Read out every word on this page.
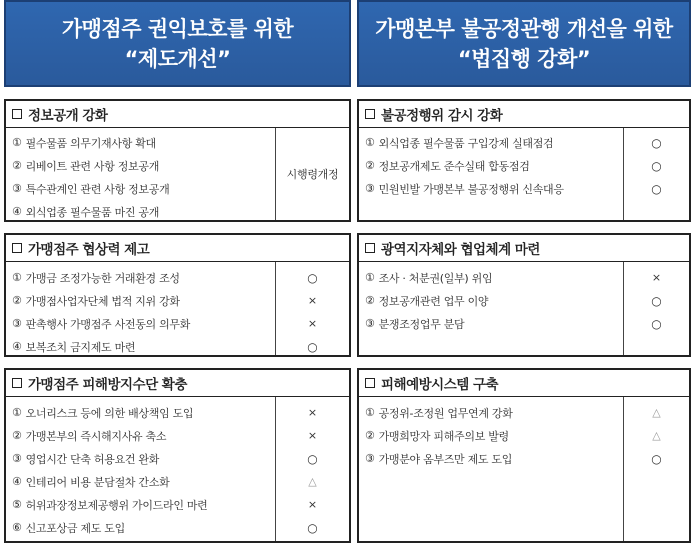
가맹점주 권익보호를 위한
“제도개선”
정보공개 강화
① 필수물품 의무기재사항 확대
② 리베이트 관련 사항 정보공개
③ 특수관계인 관련 사항 정보공개
④ 외식업종 필수물품 마진 공개
시행령개정
가맹점주 협상력 제고
① 가맹금 조정가능한 거래환경 조성
② 가맹점사업자단체 법적 지위 강화
③ 판촉행사 가맹점주 사전동의 의무화
④ 보복조치 금지제도 마련
○
×
×
○
가맹점주 피해방지수단 확충
① 오너리스크 등에 의한 배상책임 도입
② 가맹본부의 즉시해지사유 축소
③ 영업시간 단축 허용요건 완화
④ 인테리어 비용 분담절차 간소화
⑤ 허위과장정보제공행위 가이드라인 마련
⑥ 신고포상금 제도 도입
×
×
○
△
×
○
가맹본부 불공정관행 개선을 위한
“법집행 강화”
불공정행위 감시 강화
① 외식업종 필수물품 구입강제 실태점검
② 정보공개제도 준수실태 합동점검
③ 민원빈발 가맹본부 불공정행위 신속대응
○
○
○
광역지자체와 협업체계 마련
① 조사 · 처분권(일부) 위임
② 정보공개관련 업무 이양
③ 분쟁조정업무 분담
×
○
○
피해예방시스템 구축
① 공정위-조정원 업무연계 강화
② 가맹희망자 피해주의보 발령
③ 가맹분야 옴부즈만 제도 도입
△
△
○
